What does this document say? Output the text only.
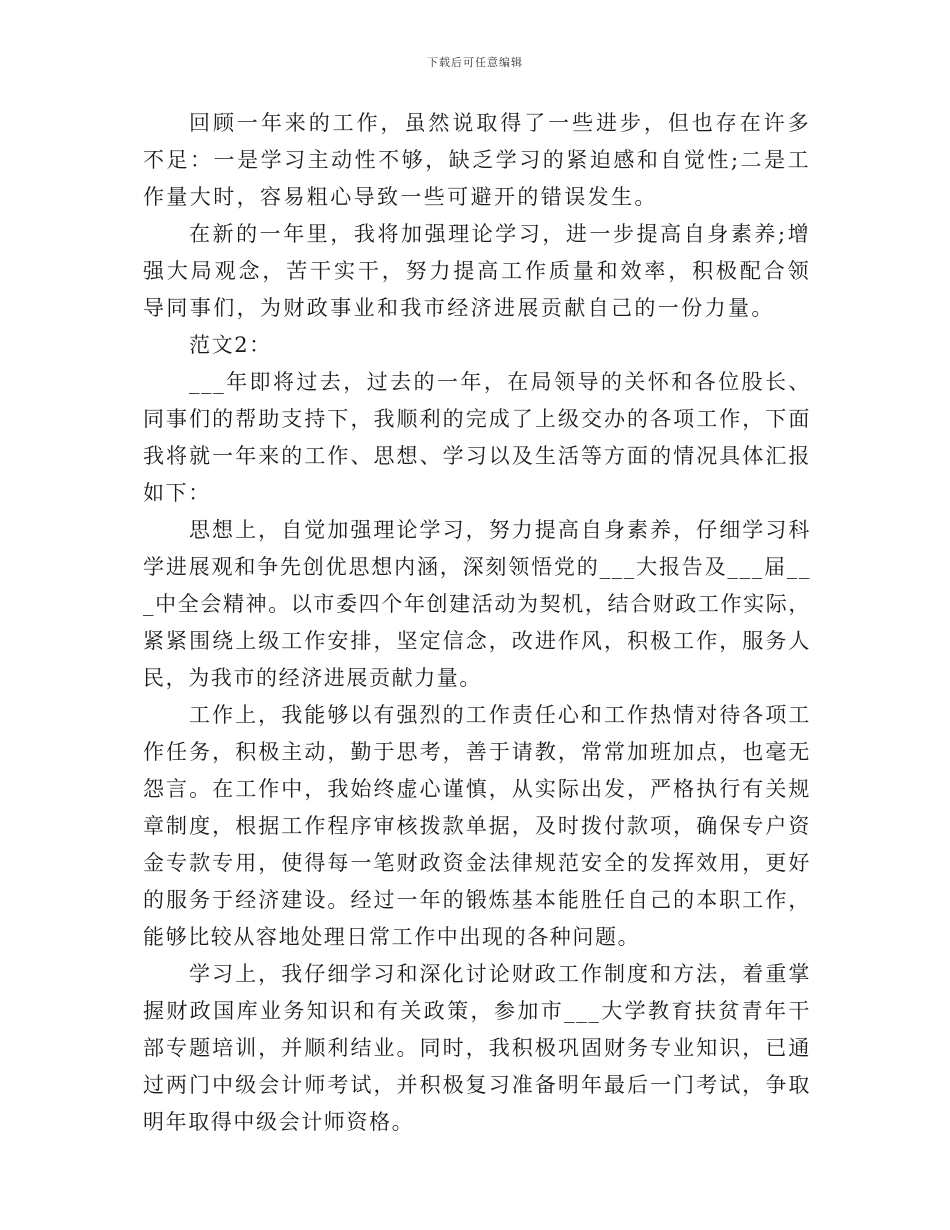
下载后可任意编辑

回顾一年来的工作，虽然说取得了一些进步，但也存在许多不足：一是学习主动性不够，缺乏学习的紧迫感和自觉性;二是工作量大时，容易粗心导致一些可避开的错误发生。

在新的一年里，我将加强理论学习，进一步提高自身素养;增强大局观念，苦干实干，努力提高工作质量和效率，积极配合领导同事们，为财政事业和我市经济进展贡献自己的一份力量。

范文2：

___年即将过去，过去的一年，在局领导的关怀和各位股长、同事们的帮助支持下，我顺利的完成了上级交办的各项工作，下面我将就一年来的工作、思想、学习以及生活等方面的情况具体汇报如下：

思想上，自觉加强理论学习，努力提高自身素养，仔细学习科学进展观和争先创优思想内涵，深刻领悟党的___大报告及___届___中全会精神。以市委四个年创建活动为契机，结合财政工作实际，紧紧围绕上级工作安排，坚定信念，改进作风，积极工作，服务人民，为我市的经济进展贡献力量。

工作上，我能够以有强烈的工作责任心和工作热情对待各项工作任务，积极主动，勤于思考，善于请教，常常加班加点，也毫无怨言。在工作中，我始终虚心谨慎，从实际出发，严格执行有关规章制度，根据工作程序审核拨款单据，及时拨付款项，确保专户资金专款专用，使得每一笔财政资金法律规范安全的发挥效用，更好的服务于经济建设。经过一年的锻炼基本能胜任自己的本职工作，能够比较从容地处理日常工作中出现的各种问题。

学习上，我仔细学习和深化讨论财政工作制度和方法，着重掌握财政国库业务知识和有关政策，参加市___大学教育扶贫青年干部专题培训，并顺利结业。同时，我积极巩固财务专业知识，已通过两门中级会计师考试，并积极复习准备明年最后一门考试，争取明年取得中级会计师资格。
